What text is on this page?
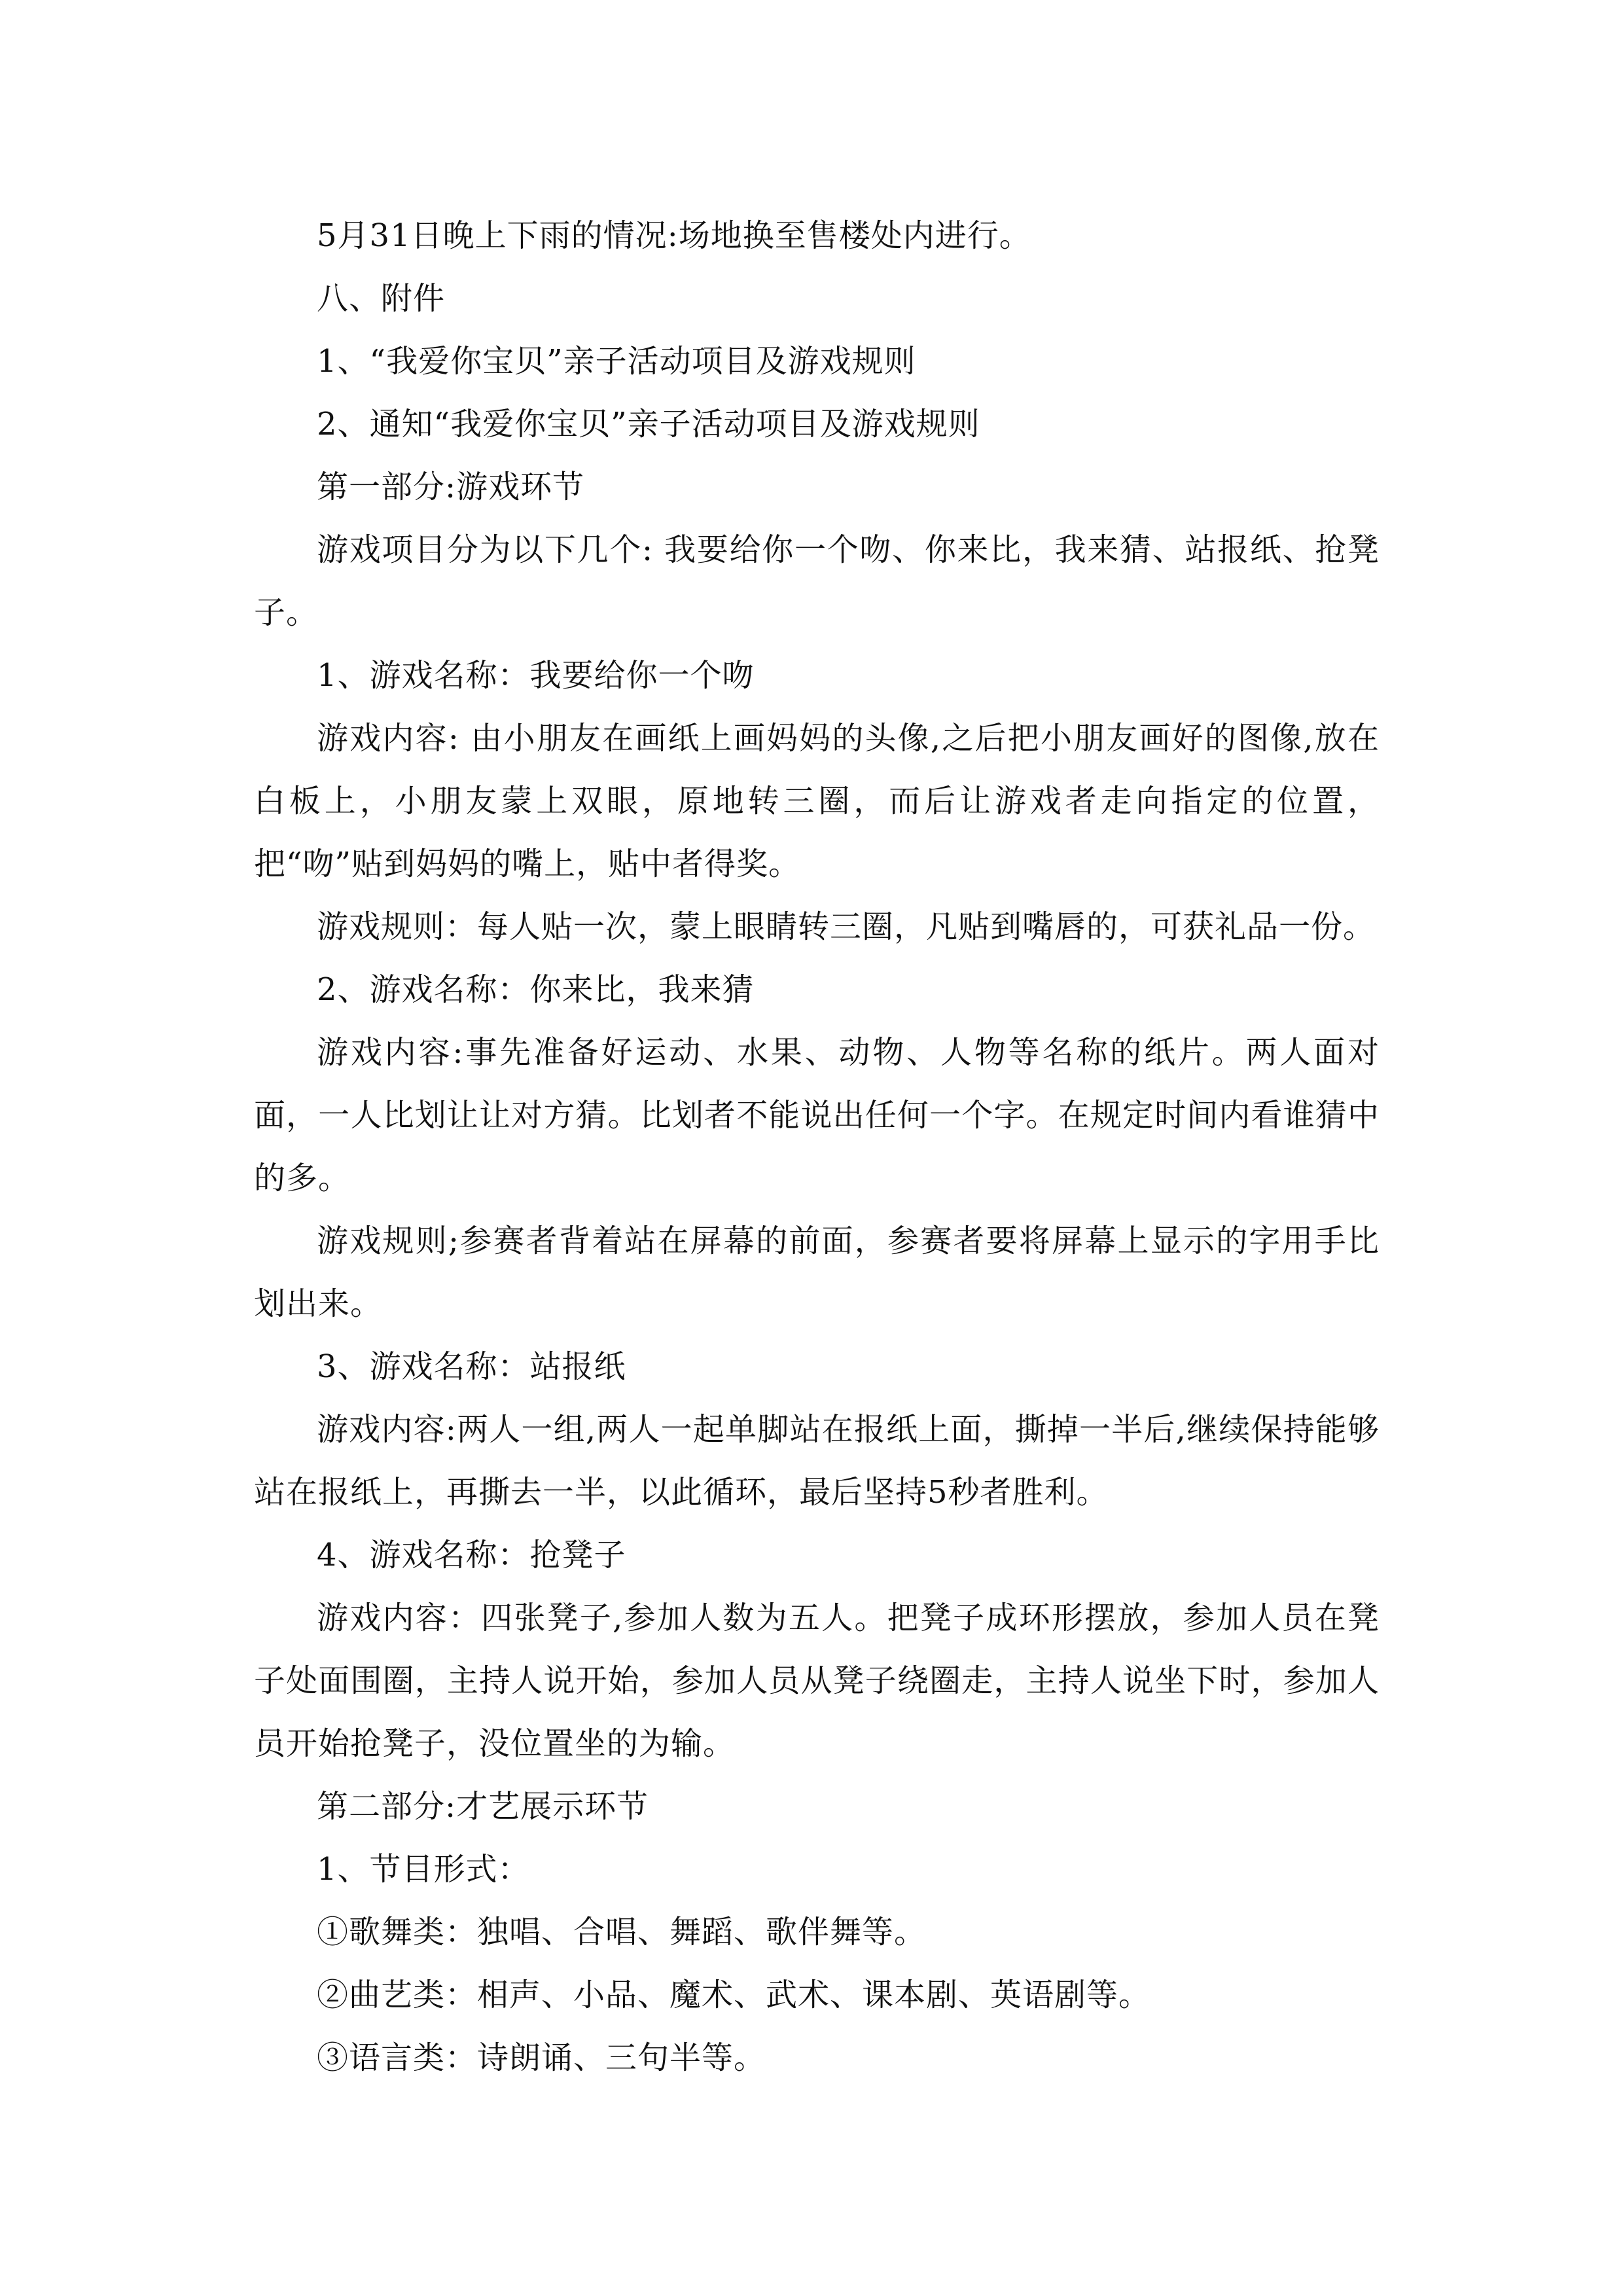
5月31日晚上下雨的情况:场地换至售楼处内进行。

八、附件

1、“我爱你宝贝”亲子活动项目及游戏规则

2、通知“我爱你宝贝”亲子活动项目及游戏规则

第一部分:游戏环节

游戏项目分为以下几个: 我要给你一个吻、你来比，我来猜、站报纸、抢凳子。

1、游戏名称：我要给你一个吻

游戏内容: 由小朋友在画纸上画妈妈的头像,之后把小朋友画好的图像,放在白板上，小朋友蒙上双眼，原地转三圈，而后让游戏者走向指定的位置，把“吻”贴到妈妈的嘴上，贴中者得奖。

游戏规则：每人贴一次，蒙上眼睛转三圈，凡贴到嘴唇的，可获礼品一份。

2、游戏名称：你来比，我来猜

游戏内容:事先准备好运动、水果、动物、人物等名称的纸片。两人面对面，一人比划让让对方猜。比划者不能说出任何一个字。在规定时间内看谁猜中的多。

游戏规则;参赛者背着站在屏幕的前面，参赛者要将屏幕上显示的字用手比划出来。

3、游戏名称：站报纸

游戏内容:两人一组,两人一起单脚站在报纸上面，撕掉一半后,继续保持能够站在报纸上，再撕去一半，以此循环，最后坚持5秒者胜利。

4、游戏名称：抢凳子

游戏内容：四张凳子,参加人数为五人。把凳子成环形摆放，参加人员在凳子处面围圈，主持人说开始，参加人员从凳子绕圈走，主持人说坐下时，参加人员开始抢凳子，没位置坐的为输。

第二部分:才艺展示环节

1、节目形式：

①歌舞类：独唱、合唱、舞蹈、歌伴舞等。

②曲艺类：相声、小品、魔术、武术、课本剧、英语剧等。

③语言类：诗朗诵、三句半等。
